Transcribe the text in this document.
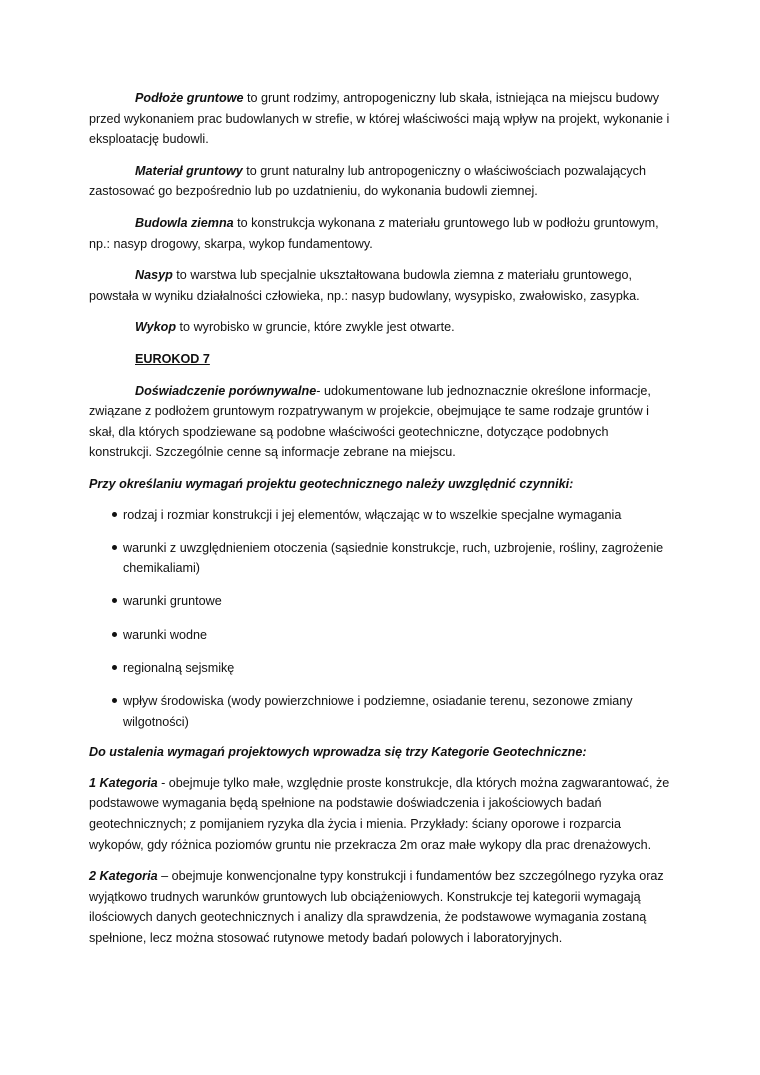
Podłoże gruntowe to grunt rodzimy, antropogeniczny lub skała, istniejąca na miejscu budowy przed wykonaniem prac budowlanych w strefie, w której właściwości mają wpływ na projekt, wykonanie i eksploatację budowli.

Materiał gruntowy to grunt naturalny lub antropogeniczny o właściwościach pozwalających zastosować go bezpośrednio lub po uzdatnieniu, do wykonania budowli ziemnej.

Budowla ziemna to konstrukcja wykonana z materiału gruntowego lub w podłożu gruntowym, np.: nasyp drogowy, skarpa, wykop fundamentowy.

Nasyp to warstwa lub specjalnie ukształtowana budowla ziemna z materiału gruntowego, powstała w wyniku działalności człowieka, np.: nasyp budowlany, wysypisko, zwałowisko, zasypka.

Wykop to wyrobisko w gruncie, które zwykle jest otwarte.

EUROKOD 7

Doświadczenie porównywalne- udokumentowane lub jednoznacznie określone informacje, związane z podłożem gruntowym rozpatrywanym w projekcie, obejmujące te same rodzaje gruntów i skał, dla których spodziewane są podobne właściwości geotechniczne, dotyczące podobnych konstrukcji. Szczególnie cenne są informacje zebrane na miejscu.

Przy określaniu wymagań projektu geotechnicznego należy uwzględnić czynniki:

rodzaj i rozmiar konstrukcji i jej elementów, włączając w to wszelkie specjalne wymagania
warunki z uwzględnieniem otoczenia (sąsiednie konstrukcje, ruch, uzbrojenie, rośliny, zagrożenie chemikaliami)
warunki gruntowe
warunki wodne
regionalną sejsmikę
wpływ środowiska (wody powierzchniowe i podziemne, osiadanie terenu, sezonowe zmiany wilgotności)

Do ustalenia wymagań projektowych wprowadza się trzy Kategorie Geotechniczne:

1 Kategoria - obejmuje tylko małe, względnie proste konstrukcje, dla których można zagwarantować, że podstawowe wymagania będą spełnione na podstawie doświadczenia i jakościowych badań geotechnicznych; z pomijaniem ryzyka dla życia i mienia. Przykłady: ściany oporowe i rozparcia wykopów, gdy różnica poziomów gruntu nie przekracza 2m oraz małe wykopy dla prac drenażowych.

2 Kategoria – obejmuje konwencjonalne typy konstrukcji i fundamentów bez szczególnego ryzyka oraz wyjątkowo trudnych warunków gruntowych lub obciążeniowych. Konstrukcje tej kategorii wymagają ilościowych danych geotechnicznych i analizy dla sprawdzenia, że podstawowe wymagania zostaną spełnione, lecz można stosować rutynowe metody badań polowych i laboratoryjnych.
